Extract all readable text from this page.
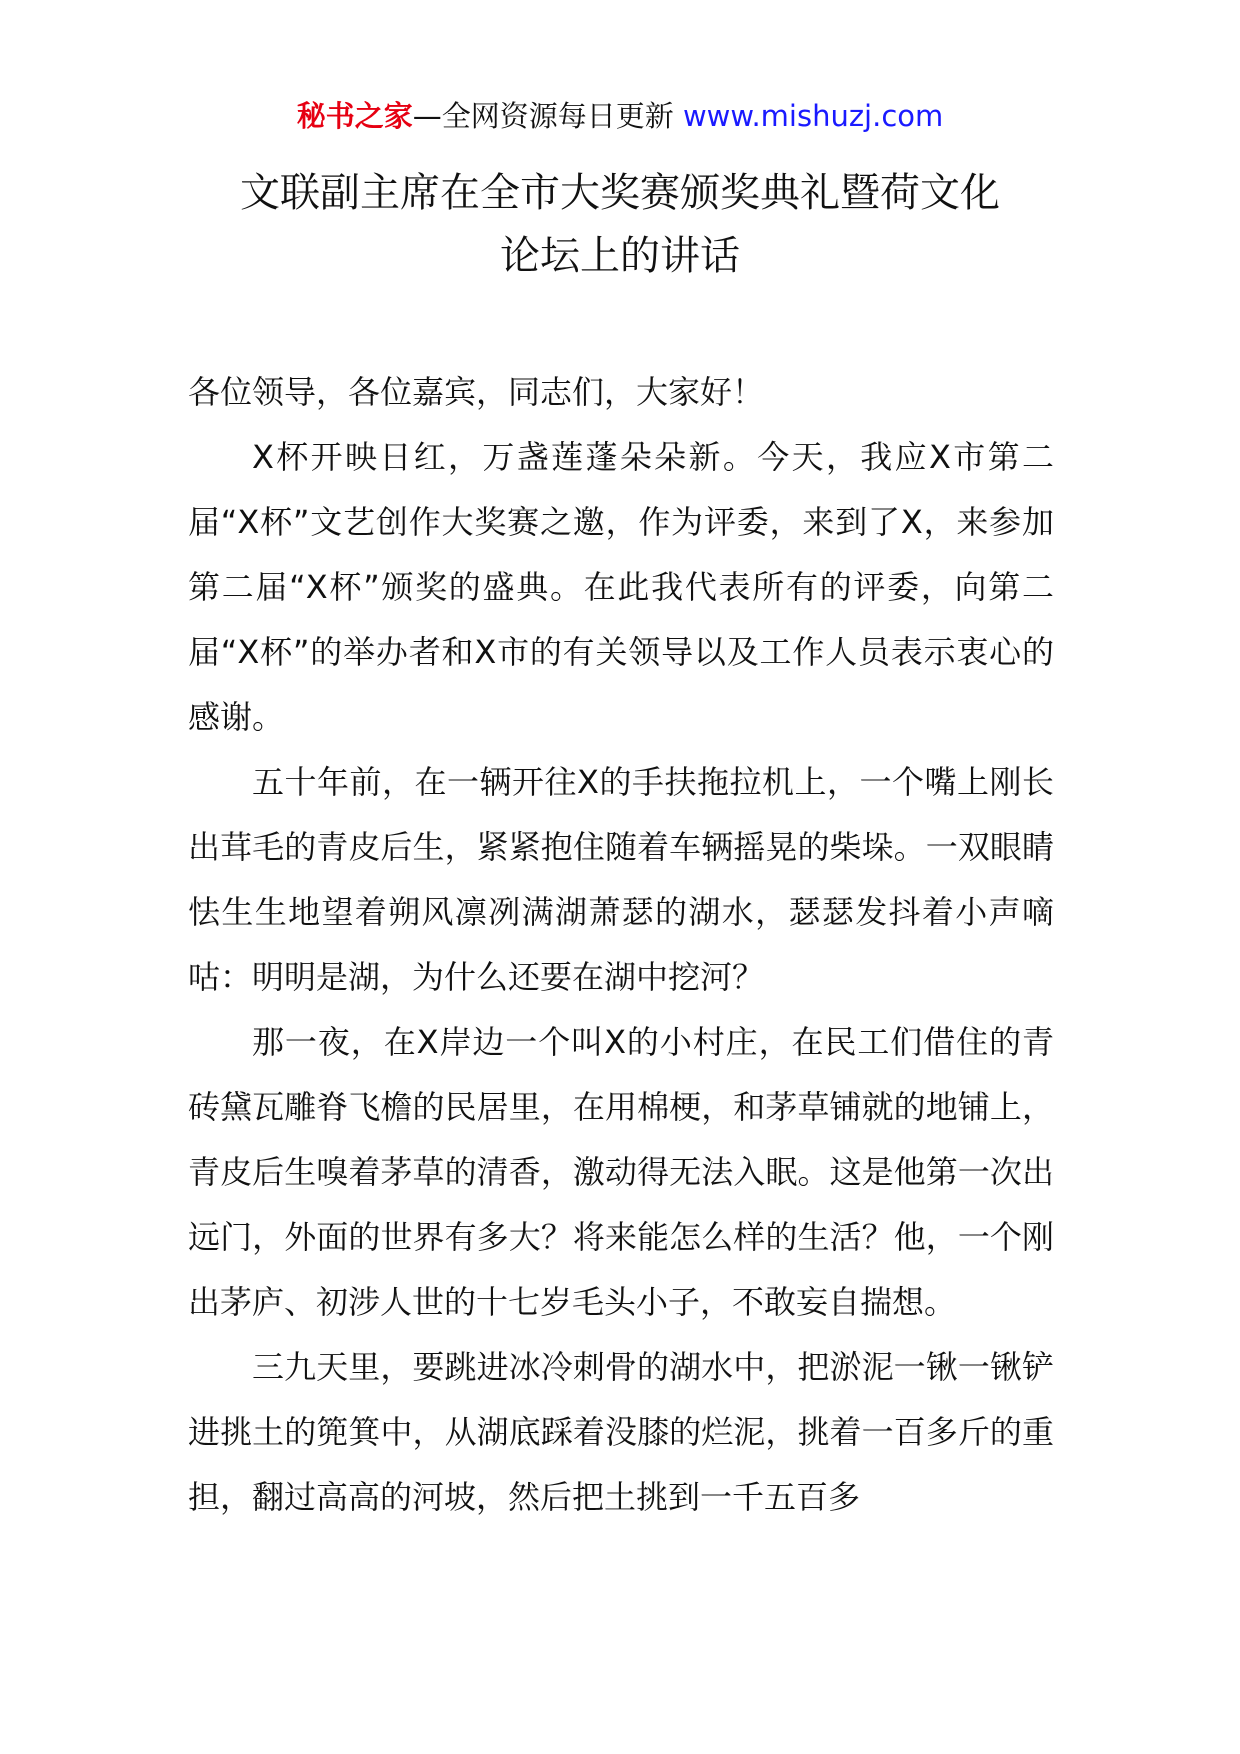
秘书之家—全网资源每日更新 www.mishuzj.com
文联副主席在全市大奖赛颁奖典礼暨荷文化
论坛上的讲话

各位领导，各位嘉宾，同志们，大家好！

X杯开映日红，万盏莲蓬朵朵新。今天，我应X市第二届“X杯”文艺创作大奖赛之邀，作为评委，来到了X，来参加第二届“X杯”颁奖的盛典。在此我代表所有的评委，向第二届“X杯”的举办者和X市的有关领导以及工作人员表示衷心的感谢。

五十年前，在一辆开往X的手扶拖拉机上，一个嘴上刚长出茸毛的青皮后生，紧紧抱住随着车辆摇晃的柴垛。一双眼睛怯生生地望着朔风凛冽满湖萧瑟的湖水，瑟瑟发抖着小声嘀咕：明明是湖，为什么还要在湖中挖河？

那一夜，在X岸边一个叫X的小村庄，在民工们借住的青砖黛瓦雕脊飞檐的民居里，在用棉梗，和茅草铺就的地铺上，青皮后生嗅着茅草的清香，激动得无法入眠。这是他第一次出远门，外面的世界有多大？将来能怎么样的生活？他，一个刚出茅庐、初涉人世的十七岁毛头小子，不敢妄自揣想。

三九天里，要跳进冰冷刺骨的湖水中，把淤泥一锹一锹铲进挑土的篼箕中，从湖底踩着没膝的烂泥，挑着一百多斤的重担，翻过高高的河坡，然后把土挑到一千五百多
